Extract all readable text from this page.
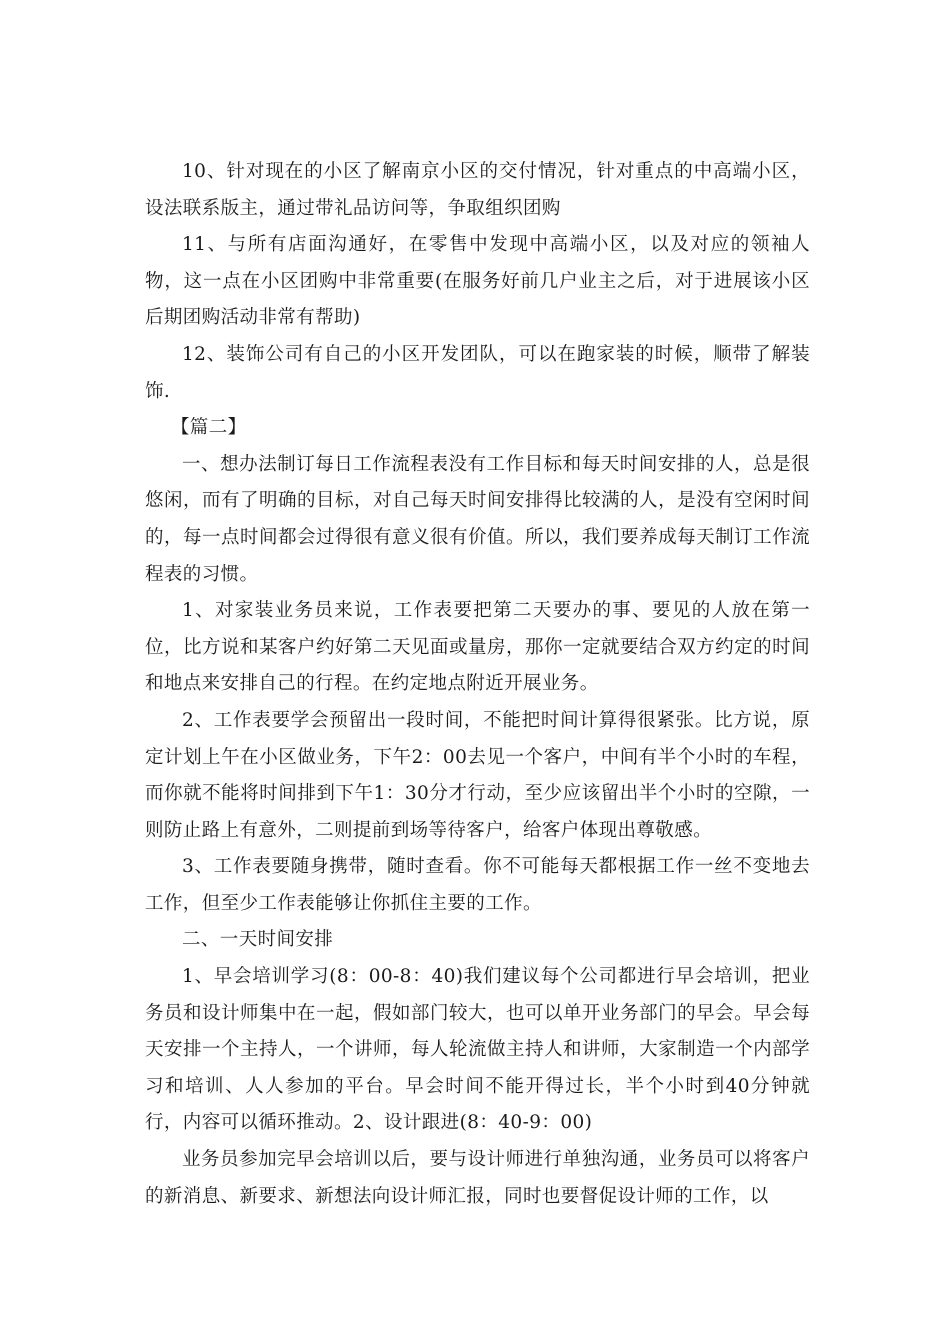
10、针对现在的小区了解南京小区的交付情况，针对重点的中高端小区，设法联系版主，通过带礼品访问等，争取组织团购

11、与所有店面沟通好，在零售中发现中高端小区，以及对应的领袖人物，这一点在小区团购中非常重要(在服务好前几户业主之后，对于进展该小区后期团购活动非常有帮助)

12、装饰公司有自己的小区开发团队，可以在跑家装的时候，顺带了解装饰.

【篇二】

一、想办法制订每日工作流程表没有工作目标和每天时间安排的人，总是很悠闲，而有了明确的目标，对自己每天时间安排得比较满的人，是没有空闲时间的，每一点时间都会过得很有意义很有价值。所以，我们要养成每天制订工作流程表的习惯。

1、对家装业务员来说，工作表要把第二天要办的事、要见的人放在第一位，比方说和某客户约好第二天见面或量房，那你一定就要结合双方约定的时间和地点来安排自己的行程。在约定地点附近开展业务。

2、工作表要学会预留出一段时间，不能把时间计算得很紧张。比方说，原定计划上午在小区做业务，下午2：00去见一个客户，中间有半个小时的车程，而你就不能将时间排到下午1：30分才行动，至少应该留出半个小时的空隙，一则防止路上有意外，二则提前到场等待客户，给客户体现出尊敬感。

3、工作表要随身携带，随时查看。你不可能每天都根据工作一丝不变地去工作，但至少工作表能够让你抓住主要的工作。

二、一天时间安排

1、早会培训学习(8：00-8：40)我们建议每个公司都进行早会培训，把业务员和设计师集中在一起，假如部门较大，也可以单开业务部门的早会。早会每天安排一个主持人，一个讲师，每人轮流做主持人和讲师，大家制造一个内部学习和培训、人人参加的平台。早会时间不能开得过长，半个小时到40分钟就行，内容可以循环推动。2、设计跟进(8：40-9：00)

业务员参加完早会培训以后，要与设计师进行单独沟通，业务员可以将客户的新消息、新要求、新想法向设计师汇报，同时也要督促设计师的工作，以
